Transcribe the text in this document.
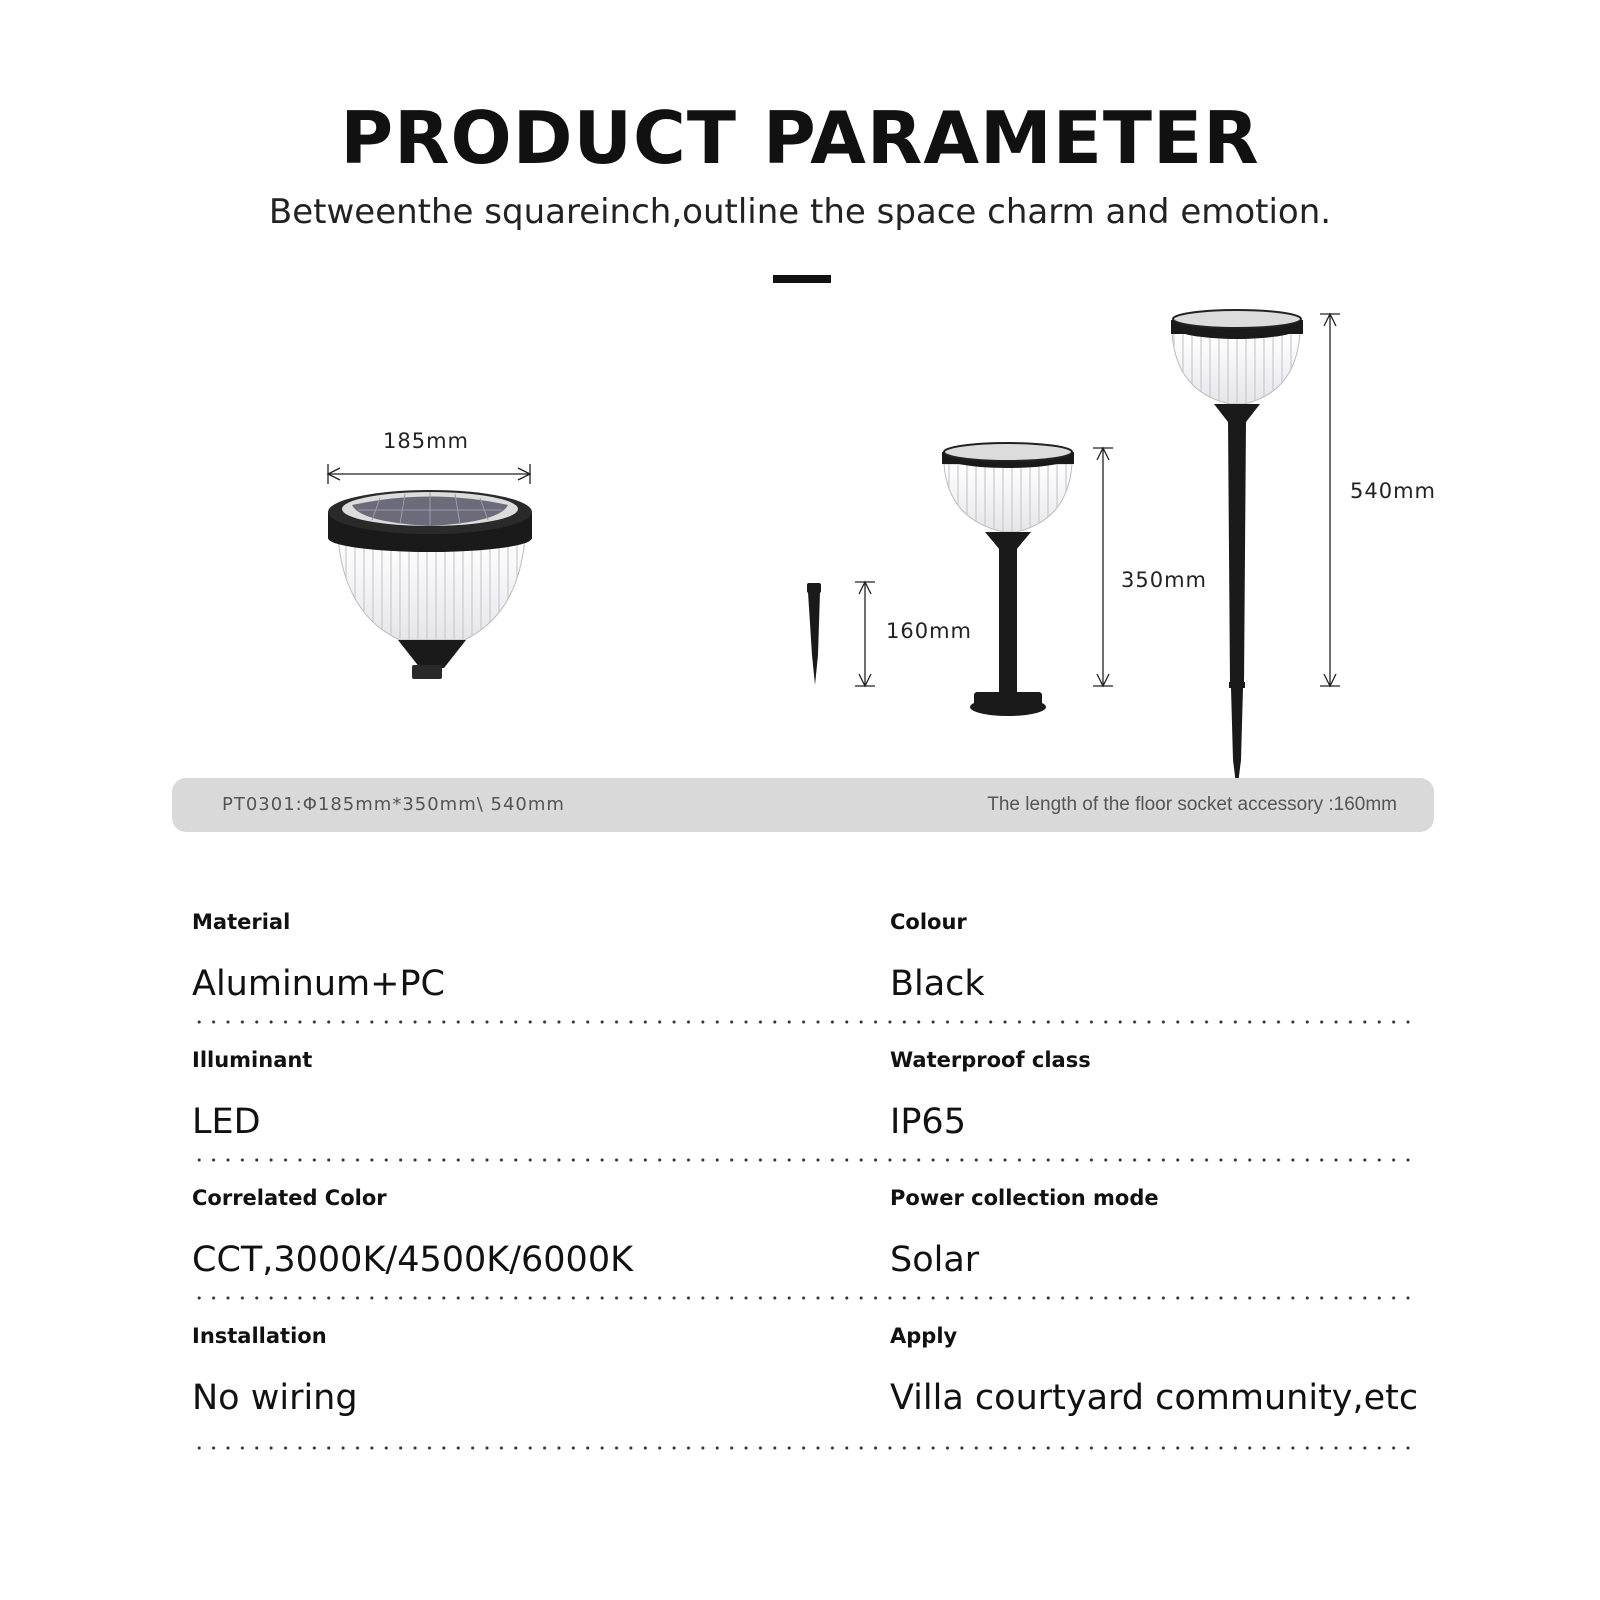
PRODUCT PARAMETER
Betweenthe squareinch,outline the space charm and emotion.
185mm
160mm
350mm
540mm
PT0301:Φ185mm*350mm\ 540mm	The length of the floor socket accessory :160mm
Material
Aluminum+PC
Colour
Black
Illuminant
LED
Waterproof class
IP65
Correlated Color
CCT,3000K/4500K/6000K
Power collection mode
Solar
Installation
No wiring
Apply
Villa courtyard community,etc
